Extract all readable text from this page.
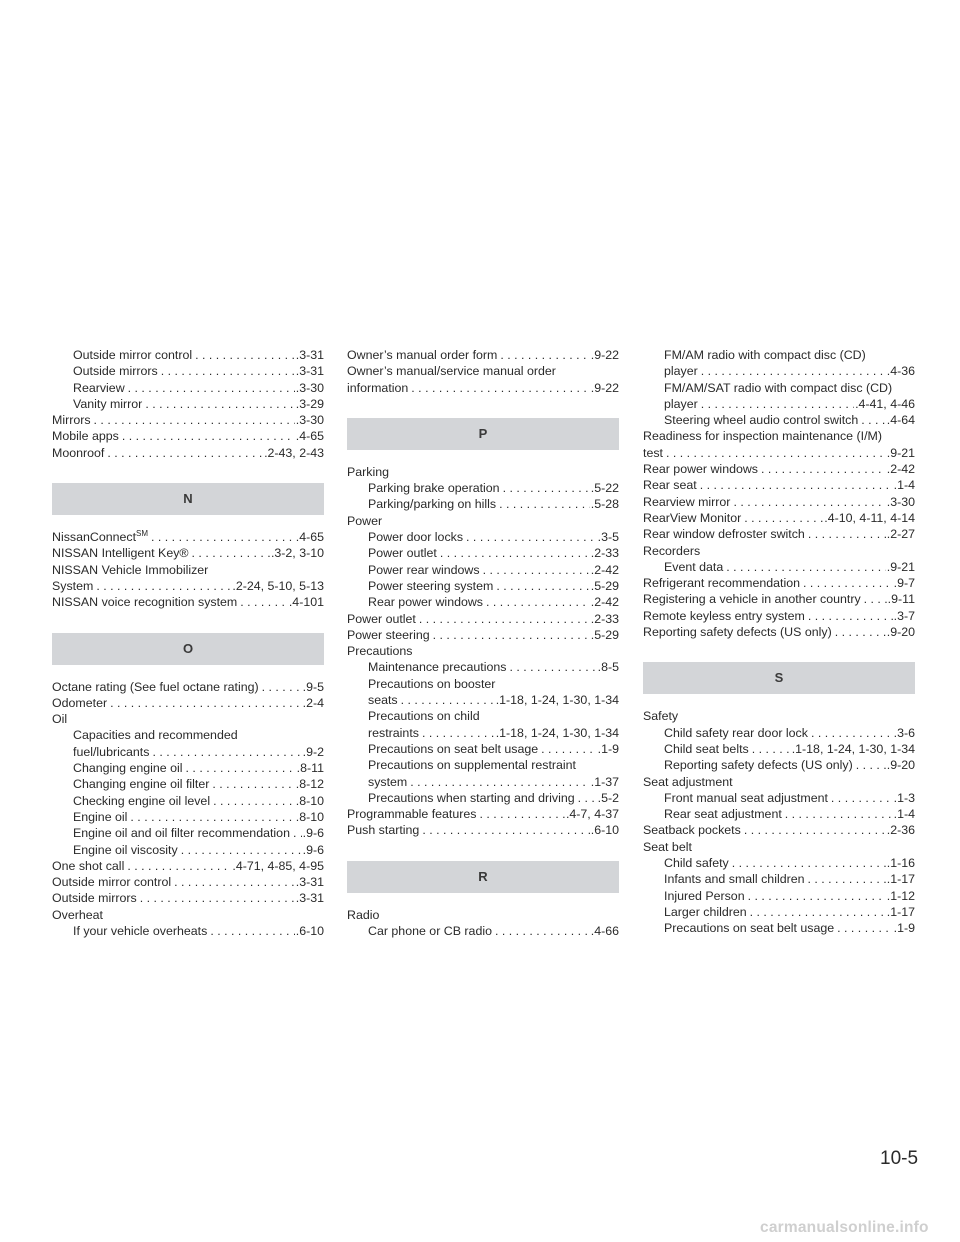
Outside mirror control . . .	.3-31
Outside mirrors . . .	.3-31
Rearview . . .	.3-30
Vanity mirror . . .	.3-29
Mirrors . . .	.3-30
Mobile apps . . .	.4-65
Moonroof . . .	.2-43, 2-43
N
NissanConnect℠ . . .	.4-65
NISSAN Intelligent Key® . . .	.3-2, 3-10
NISSAN Vehicle Immobilizer
System . . .	.2-24, 5-10, 5-13
NISSAN voice recognition system . . .	.4-101
O
Octane rating (See fuel octane rating) . . .	.9-5
Odometer . . .	.2-4
Oil
Capacities and recommended
fuel/lubricants . . .	.9-2
Changing engine oil . . .	.8-11
Changing engine oil filter . . .	.8-12
Checking engine oil level . . .	.8-10
Engine oil . . .	.8-10
Engine oil and oil filter recommendation . . . .9-6
Engine oil viscosity . . .	.9-6
One shot call . . .	.4-71, 4-85, 4-95
Outside mirror control . . .	.3-31
Outside mirrors . . .	.3-31
Overheat
If your vehicle overheats . . .	.6-10
Owner’s manual order form . . .	.9-22
Owner’s manual/service manual order
information . . .	.9-22
P
Parking
Parking brake operation . . .	.5-22
Parking/parking on hills . . .	.5-28
Power
Power door locks . . .	.3-5
Power outlet . . .	.2-33
Power rear windows . . .	.2-42
Power steering system . . .	.5-29
Rear power windows . . .	.2-42
Power outlet . . .	.2-33
Power steering . . .	.5-29
Precautions
Maintenance precautions . . .	.8-5
Precautions on booster
seats . . .	.1-18, 1-24, 1-30, 1-34
Precautions on child
restraints . . .	.1-18, 1-24, 1-30, 1-34
Precautions on seat belt usage . . .	.1-9
Precautions on supplemental restraint
system . . .	.1-37
Precautions when starting and driving . . . .5-2
Programmable features . . .	.4-7, 4-37
Push starting . . .	.6-10
R
Radio
Car phone or CB radio . . .	.4-66
FM/AM radio with compact disc (CD)
player . . .	.4-36
FM/AM/SAT radio with compact disc (CD)
player . . .	.4-41, 4-46
Steering wheel audio control switch . . . .4-64
Readiness for inspection maintenance (I/M)
test . . .	.9-21
Rear power windows . . .	.2-42
Rear seat . . .	.1-4
Rearview mirror . . .	.3-30
RearView Monitor . . .	.4-10, 4-11, 4-14
Rear window defroster switch . . .	.2-27
Recorders
Event data . . .	.9-21
Refrigerant recommendation . . .	.9-7
Registering a vehicle in another country . . . .9-11
Remote keyless entry system . . .	.3-7
Reporting safety defects (US only) . . .	.9-20
S
Safety
Child safety rear door lock . . .	.3-6
Child seat belts . . .	.1-18, 1-24, 1-30, 1-34
Reporting safety defects (US only) . . .	.9-20
Seat adjustment
Front manual seat adjustment . . .	.1-3
Rear seat adjustment . . .	.1-4
Seatback pockets . . .	.2-36
Seat belt
Child safety . . .	.1-16
Infants and small children . . .	.1-17
Injured Person . . .	.1-12
Larger children . . .	.1-17
Precautions on seat belt usage . . .	.1-9
10-5
carmanualsonline.info
